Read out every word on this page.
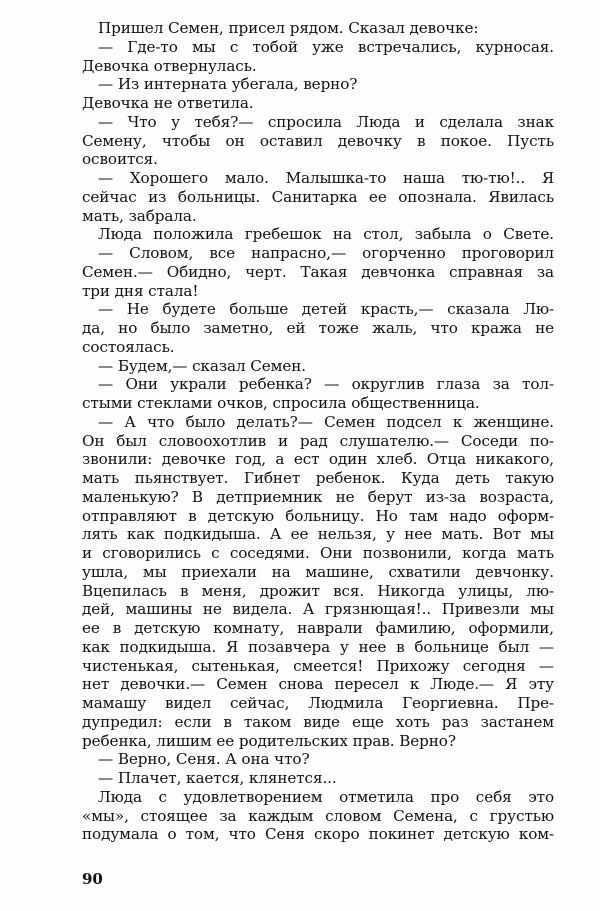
Пришел Семен, присел рядом. Сказал девочке:
— Где-то мы с тобой уже встречались, курносая.
Девочка отвернулась.
— Из интерната убегала, верно?
Девочка не ответила.
— Что у тебя?— спросила Люда и сделала знак
Семену, чтобы он оставил девочку в покое. Пусть
освоится.
— Хорошего мало. Малышка-то наша тю-тю!.. Я
сейчас из больницы. Санитарка ее опознала. Явилась
мать, забрала.
Люда положила гребешок на стол, забыла о Свете.
— Словом, все напрасно,— огорченно проговорил
Семен.— Обидно, черт. Такая девчонка справная за
три дня стала!
— Не будете больше детей красть,— сказала Лю-
да, но было заметно, ей тоже жаль, что кража не
состоялась.
— Будем,— сказал Семен.
— Они украли ребенка? — округлив глаза за тол-
стыми стеклами очков, спросила общественница.
— А что было делать?— Семен подсел к женщине.
Он был словоохотлив и рад слушателю.— Соседи по-
звонили: девочке год, а ест один хлеб. Отца никакого,
мать пьянствует. Гибнет ребенок. Куда деть такую
маленькую? В детприемник не берут из-за возраста,
отправляют в детскую больницу. Но там надо оформ-
лять как подкидыша. А ее нельзя, у нее мать. Вот мы
и сговорились с соседями. Они позвонили, когда мать
ушла, мы приехали на машине, схватили девчонку.
Вцепилась в меня, дрожит вся. Никогда улицы, лю-
дей, машины не видела. А грязнющая!.. Привезли мы
ее в детскую комнату, наврали фамилию, оформили,
как подкидыша. Я позавчера у нее в больнице был —
чистенькая, сытенькая, смеется! Прихожу сегодня —
нет девочки.— Семен снова пересел к Люде.— Я эту
мамашу видел сейчас, Людмила Георгиевна. Пре-
дупредил: если в таком виде еще хоть раз застанем
ребенка, лишим ее родительских прав. Верно?
— Верно, Сеня. А она что?
— Плачет, кается, клянется...
Люда с удовлетворением отметила про себя это
«мы», стоящее за каждым словом Семена, с грустью
подумала о том, что Сеня скоро покинет детскую ком-
90
